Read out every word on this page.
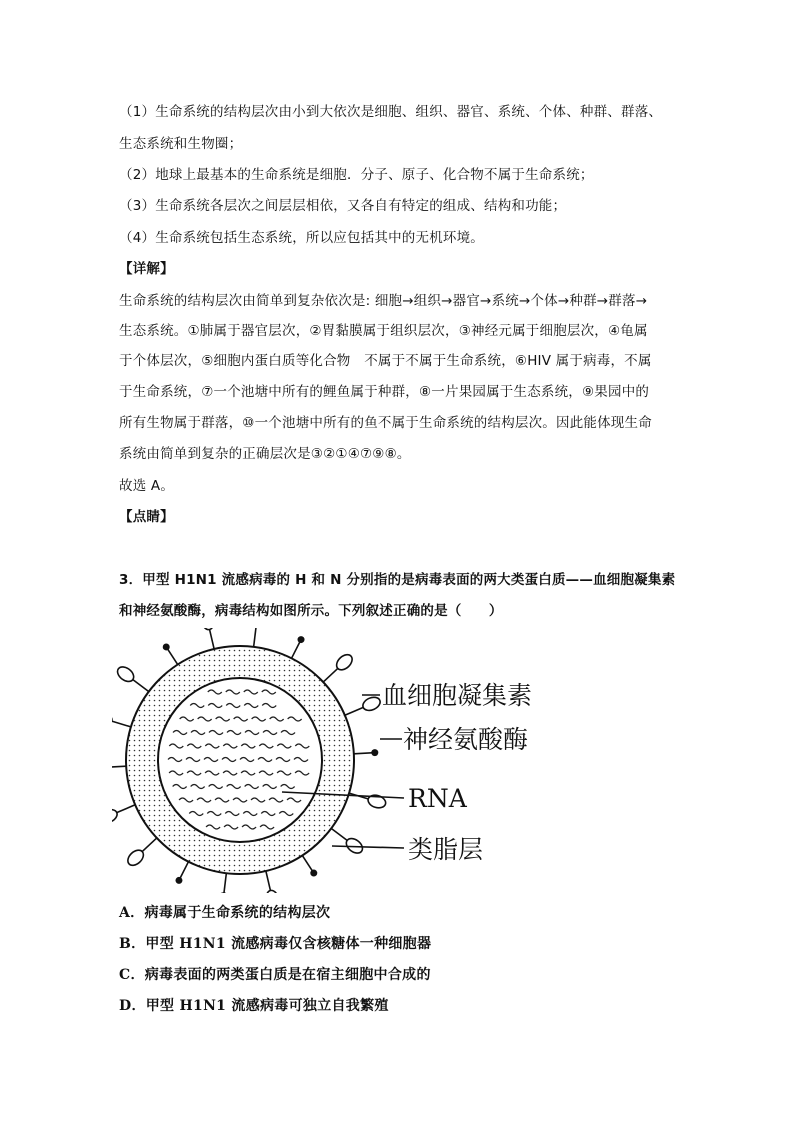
（1）生命系统的结构层次由小到大依次是细胞、组织、器官、系统、个体、种群、群落、
生态系统和生物圈；
（2）地球上最基本的生命系统是细胞．分子、原子、化合物不属于生命系统；
（3）生命系统各层次之间层层相依，又各自有特定的组成、结构和功能；
（4）生命系统包括生态系统，所以应包括其中的无机环境。
【详解】
生命系统的结构层次由简单到复杂依次是: 细胞→组织→器官→系统→个体→种群→群落→
生态系统。①肺属于器官层次，②胃黏膜属于组织层次，③神经元属于细胞层次，④龟属
于个体层次，⑤细胞内蛋白质等化合物　不属于不属于生命系统，⑥HIV 属于病毒，不属
于生命系统，⑦一个池塘中所有的鲤鱼属于种群，⑧一片果园属于生态系统，⑨果园中的
所有生物属于群落，⑩一个池塘中所有的鱼不属于生命系统的结构层次。因此能体现生命
系统由简单到复杂的正确层次是③②①④⑦⑨⑧。
故选 A。
【点睛】
3．甲型 H1N1 流感病毒的 H 和 N 分别指的是病毒表面的两大类蛋白质——血细胞凝集素
和神经氨酸酶，病毒结构如图所示。下列叙述正确的是（　　）
血细胞凝集素
神经氨酸酶
RNA
类脂层
A．病毒属于生命系统的结构层次
B．甲型 H1N1 流感病毒仅含核糖体一种细胞器
C．病毒表面的两类蛋白质是在宿主细胞中合成的
D．甲型 H1N1 流感病毒可独立自我繁殖
